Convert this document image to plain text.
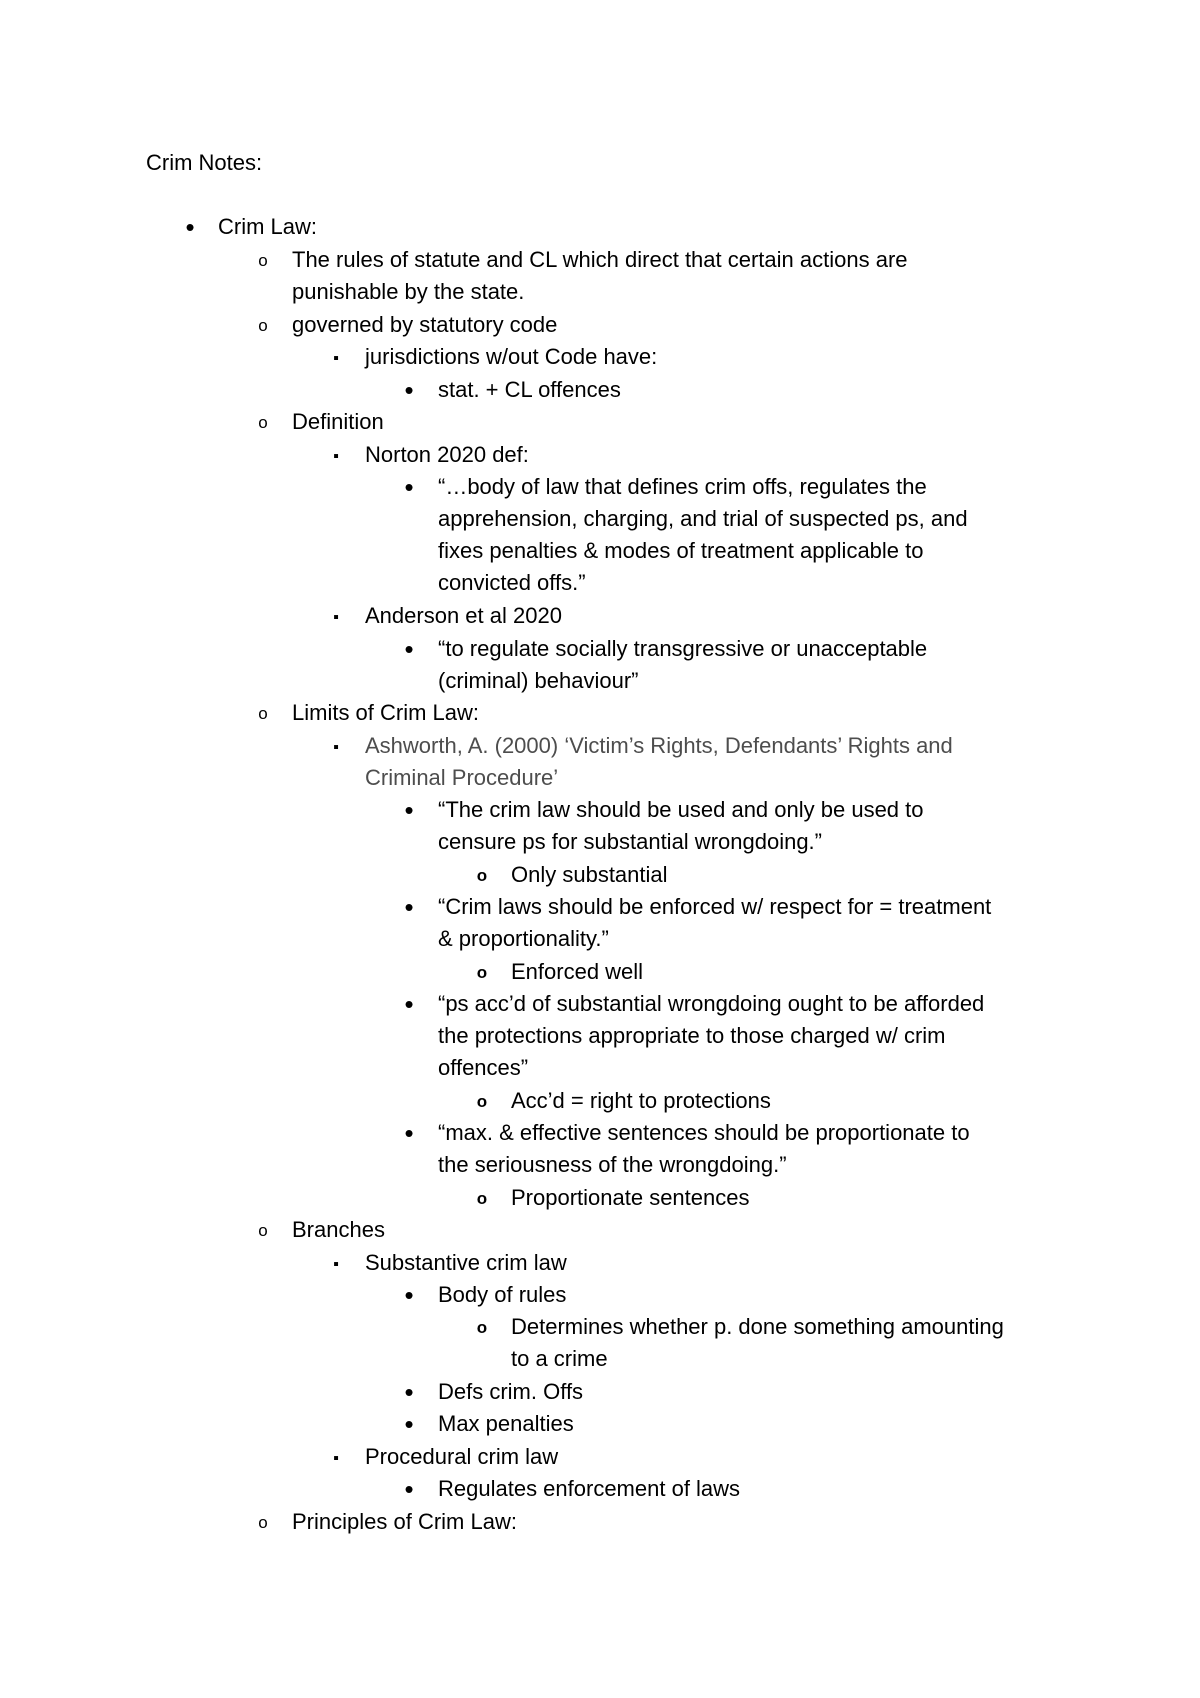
Crim Notes:
•
Crim Law:
o
The rules of statute and CL which direct that certain actions are
punishable by the state.
o
governed by statutory code
▪
jurisdictions w/out Code have:
•
stat. + CL offences
o
Definition
▪
Norton 2020 def:
•
“…body of law that defines crim offs, regulates the
apprehension, charging, and trial of suspected ps, and
fixes penalties & modes of treatment applicable to
convicted offs.”
▪
Anderson et al 2020
•
“to regulate socially transgressive or unacceptable
(criminal) behaviour”
o
Limits of Crim Law:
▪
Ashworth, A. (2000) ‘Victim’s Rights, Defendants’ Rights and
Criminal Procedure’
•
“The crim law should be used and only be used to
censure ps for substantial wrongdoing.”
o
Only substantial
•
“Crim laws should be enforced w/ respect for = treatment
& proportionality.”
o
Enforced well
•
“ps acc’d of substantial wrongdoing ought to be afforded
the protections appropriate to those charged w/ crim
offences”
o
Acc’d = right to protections
•
“max. & effective sentences should be proportionate to
the seriousness of the wrongdoing.”
o
Proportionate sentences
o
Branches
▪
Substantive crim law
•
Body of rules
o
Determines whether p. done something amounting
to a crime
•
Defs crim. Offs
•
Max penalties
▪
Procedural crim law
•
Regulates enforcement of laws
o
Principles of Crim Law:
